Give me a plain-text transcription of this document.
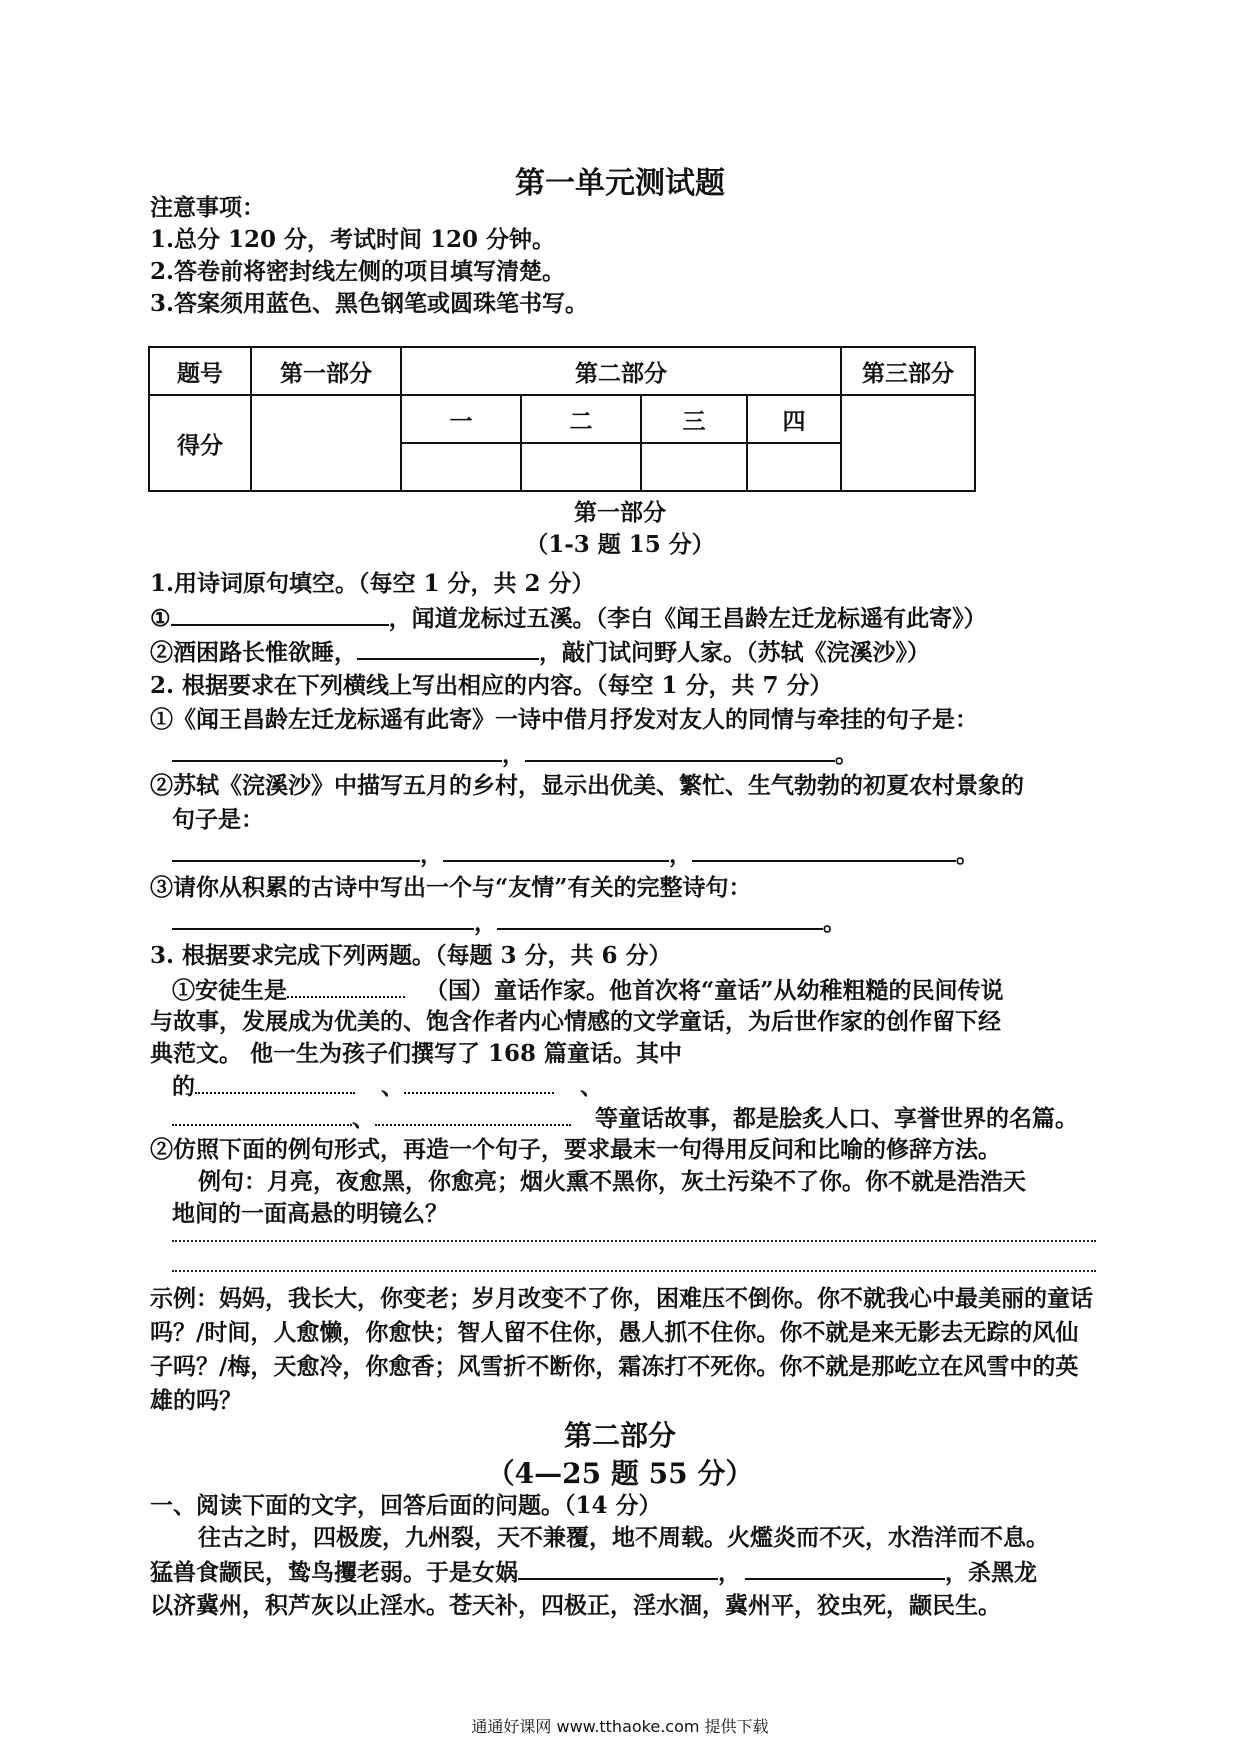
第一单元测试题
注意事项：
1.总分 120 分，考试时间 120 分钟。
2.答卷前将密封线左侧的项目填写清楚。
3.答案须用蓝色、黑色钢笔或圆珠笔书写。
题号	第一部分	第二部分				第三部分
得分		一	二	三	四	

第一部分
（1-3 题 15 分）
1.用诗词原句填空。（每空 1 分，共 2 分）
①	，闻道龙标过五溪。（李白《闻王昌龄左迁龙标遥有此寄》）
②酒困路长惟欲睡，	，敲门试问野人家。（苏轼《浣溪沙》）
2. 根据要求在下列横线上写出相应的内容。（每空 1 分，共 7 分）
①《闻王昌龄左迁龙标遥有此寄》一诗中借月抒发对友人的同情与牵挂的句子是：
，	。
②苏轼《浣溪沙》中描写五月的乡村，显示出优美、繁忙、生气勃勃的初夏农村景象的
句子是：
，	，	。
③请你从积累的古诗中写出一个与“友情”有关的完整诗句：
，	。
3. 根据要求完成下列两题。（每题 3 分，共 6 分）
①安徒生是	（国）童话作家。他首次将“童话”从幼稚粗糙的民间传说
与故事，发展成为优美的、饱含作者内心情感的文学童话，为后世作家的创作留下经
典范文。 他一生为孩子们撰写了 168 篇童话。其中
的	、	、
、	等童话故事，都是脍炙人口、享誉世界的名篇。
②仿照下面的例句形式，再造一个句子，要求最末一句得用反问和比喻的修辞方法。
例句：月亮，夜愈黑，你愈亮；烟火熏不黑你，灰土污染不了你。你不就是浩浩天
地间的一面高悬的明镜么？
示例：妈妈，我长大，你变老；岁月改变不了你，困难压不倒你。你不就我心中最美丽的童话吗？/时间，人愈懒，你愈快；智人留不住你，愚人抓不住你。你不就是来无影去无踪的风仙子吗？/梅，天愈冷，你愈香；风雪折不断你，霜冻打不死你。你不就是那屹立在风雪中的英雄的吗？
第二部分
（4—25 题 55 分）
一、阅读下面的文字，回答后面的问题。（14 分）
往古之时，四极废，九州裂，天不兼覆，地不周载。火爁炎而不灭，水浩洋而不息。
猛兽食颛民，鸷鸟攫老弱。于是女娲	，	，杀黑龙
以济冀州，积芦灰以止淫水。苍天补，四极正，淫水涸，冀州平，狡虫死，颛民生。
通通好课网 www.tthaoke.com 提供下载
